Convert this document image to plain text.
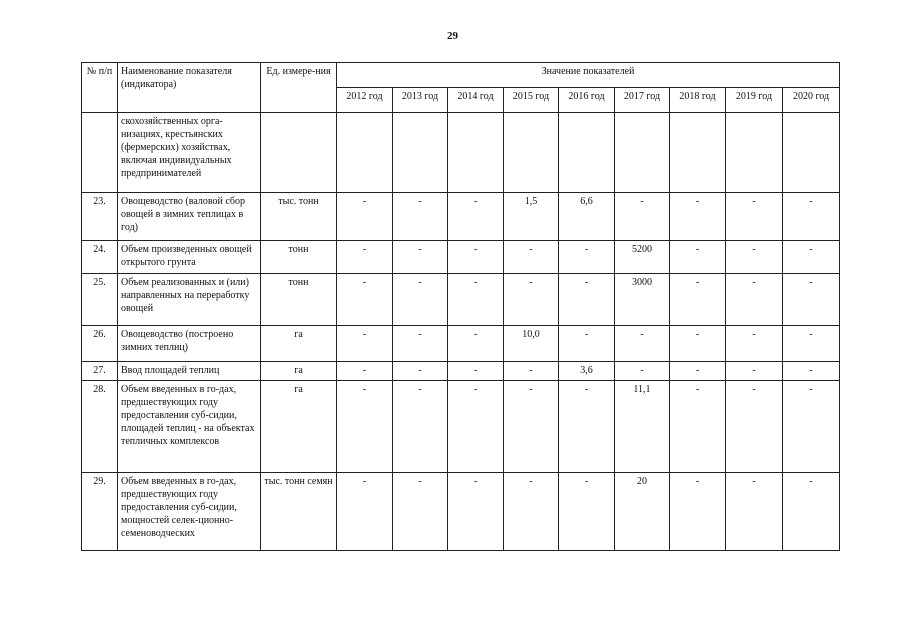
29
№ п/п	Наименование показателя (индикатора)	Ед. измере-ния	Значение показателей								
			2012 год	2013 год	2014 год	2015 год	2016 год	2017 год	2018 год	2019 год	2020 год
	скохозяйственных орга-низациях, крестьянских (фермерских) хозяйствах, включая индивидуальных предпринимателей										
23.	Овощеводство (валовой сбор овощей в зимних теплицах в год)	тыс. тонн	-	-	-	1,5	6,6	-	-	-	-
24.	Объем произведенных овощей открытого грунта	тонн	-	-	-	-	-	5200	-	-	-
25.	Объем реализованных и (или) направленных на переработку овощей	тонн	-	-	-	-	-	3000	-	-	-
26.	Овощеводство (построено зимних теплиц)	га	-	-	-	10,0	-	-	-	-	-
27.	Ввод площадей теплиц	га	-	-	-	-	3,6	-	-	-	-
28.	Объем введенных в го-дах, предшествующих году предоставления суб-сидии, площадей теплиц - на объектах тепличных комплексов	га	-	-	-	-	-	11,1	-	-	-
29.	Объем введенных в го-дах, предшествующих году предоставления суб-сидии, мощностей селек-ционно-семеноводческих	тыс. тонн семян	-	-	-	-	-	20	-	-	-
